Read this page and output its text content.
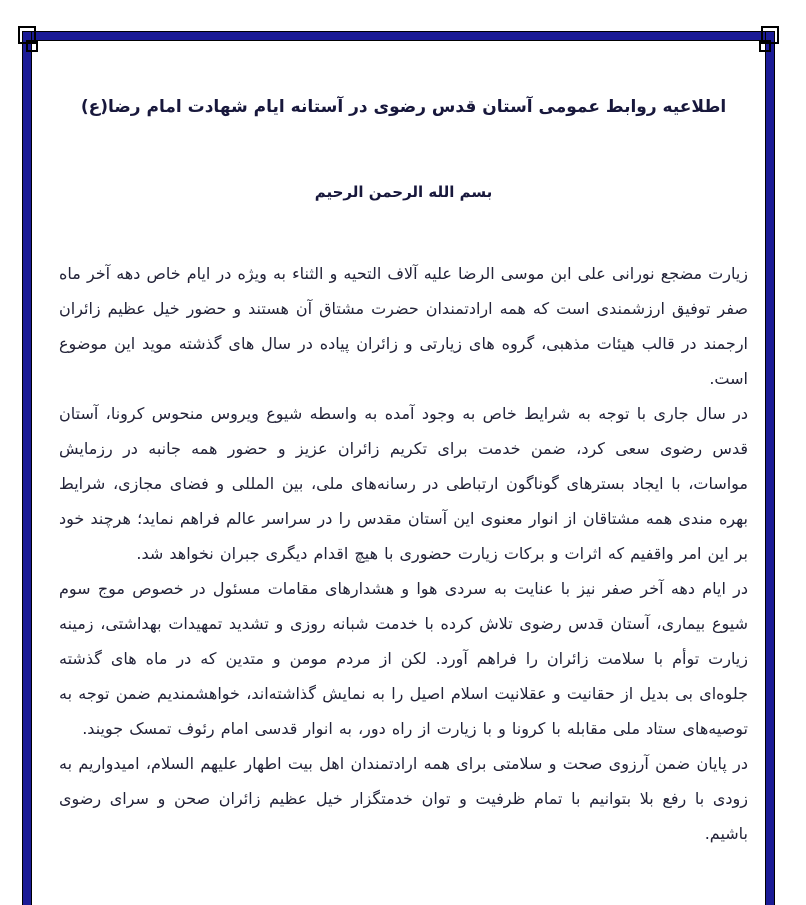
اطلاعیه روابط عمومی آستان قدس رضوی در آستانه ایام شهادت امام رضا(ع)
بسم الله الرحمن الرحیم

زیارت مضجع نورانی علی ابن موسی الرضا علیه آلاف التحیه و الثناء به ویژه در ایام خاص دهه آخر ماه صفر توفیق ارزشمندی است که همه ارادتمندان حضرت مشتاق آن هستند و حضور خیل عظیم زائران ارجمند در قالب هیئات مذهبی، گروه های زیارتی و زائران پیاده در سال های گذشته موید این موضوع است.

در سال جاری با توجه به شرایط خاص به وجود آمده به واسطه شیوع ویروس منحوس کرونا، آستان قدس رضوی سعی کرد، ضمن خدمت برای تکریم زائران عزیز و حضور همه جانبه در رزمایش مواسات، با ایجاد بسترهای گوناگون ارتباطی در رسانه‌های ملی، بین المللی و فضای مجازی، شرایط بهره مندی همه مشتاقان از انوار معنوی این آستان مقدس را در سراسر عالم فراهم نماید؛ هرچند خود بر این امر واقفیم که اثرات و برکات زیارت حضوری با هیچ اقدام دیگری جبران نخواهد شد.

در ایام دهه آخر صفر نیز با عنایت به سردی هوا و هشدارهای مقامات مسئول در خصوص موج سوم شیوع بیماری، آستان قدس رضوی تلاش کرده با خدمت شبانه روزی و تشدید تمهیدات بهداشتی، زمینه زیارت توأم با سلامت زائران را فراهم آورد. لکن از مردم مومن و متدین که در ماه های گذشته جلوه‌ای بی بدیل از حقانیت و عقلانیت اسلام اصیل را به نمایش گذاشته‌اند، خواهشمندیم ضمن توجه به توصیه‌های ستاد ملی مقابله با کرونا و با زیارت از راه دور، به انوار قدسی امام رئوف تمسک جویند.

در پایان ضمن آرزوی صحت و سلامتی برای همه ارادتمندان اهل بیت اطهار علیهم السلام، امیدواریم به زودی با رفع بلا بتوانیم با تمام ظرفیت و توان خدمتگزار خیل عظیم زائران صحن و سرای رضوی باشیم.
